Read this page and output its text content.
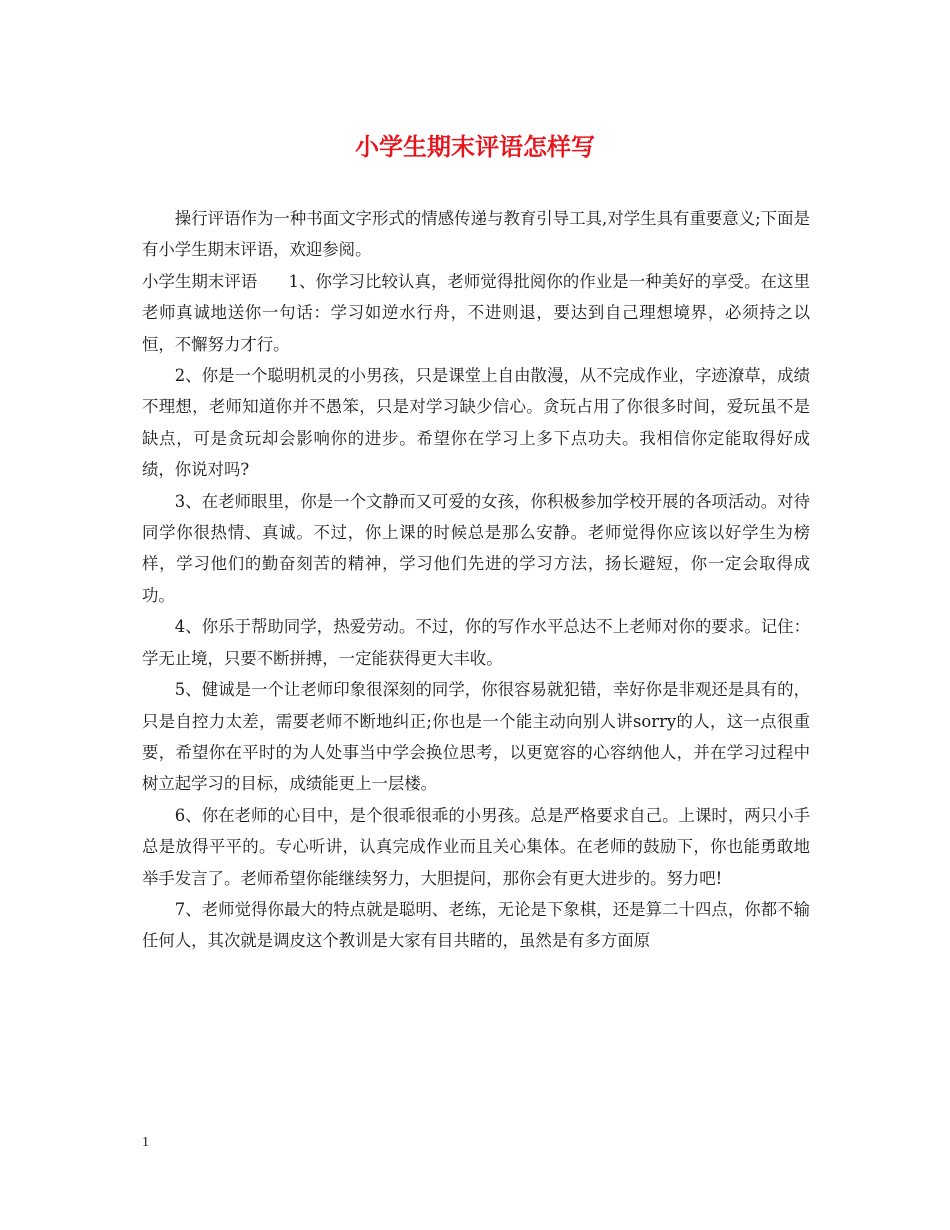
小学生期末评语怎样写

操行评语作为一种书面文字形式的情感传递与教育引导工具,对学生具有重要意义;下面是有小学生期末评语，欢迎参阅。

小学生期末评语 1、你学习比较认真，老师觉得批阅你的作业是一种美好的享受。在这里老师真诚地送你一句话：学习如逆水行舟，不进则退，要达到自己理想境界，必须持之以恒，不懈努力才行。

2、你是一个聪明机灵的小男孩，只是课堂上自由散漫，从不完成作业，字迹潦草，成绩不理想，老师知道你并不愚笨，只是对学习缺少信心。贪玩占用了你很多时间，爱玩虽不是缺点，可是贪玩却会影响你的进步。希望你在学习上多下点功夫。我相信你定能取得好成绩，你说对吗?

3、在老师眼里，你是一个文静而又可爱的女孩，你积极参加学校开展的各项活动。对待同学你很热情、真诚。不过，你上课的时候总是那么安静。老师觉得你应该以好学生为榜样，学习他们的勤奋刻苦的精神，学习他们先进的学习方法，扬长避短，你一定会取得成功。

4、你乐于帮助同学，热爱劳动。不过，你的写作水平总达不上老师对你的要求。记住：学无止境，只要不断拼搏，一定能获得更大丰收。

5、健诚是一个让老师印象很深刻的同学，你很容易就犯错，幸好你是非观还是具有的，只是自控力太差，需要老师不断地纠正;你也是一个能主动向别人讲sorry的人，这一点很重要，希望你在平时的为人处事当中学会换位思考，以更宽容的心容纳他人，并在学习过程中树立起学习的目标，成绩能更上一层楼。

6、你在老师的心目中，是个很乖很乖的小男孩。总是严格要求自己。上课时，两只小手总是放得平平的。专心听讲，认真完成作业而且关心集体。在老师的鼓励下，你也能勇敢地举手发言了。老师希望你能继续努力，大胆提问，那你会有更大进步的。努力吧!

7、老师觉得你最大的特点就是聪明、老练，无论是下象棋，还是算二十四点，你都不输任何人，其次就是调皮这个教训是大家有目共睹的，虽然是有多方面原

1
